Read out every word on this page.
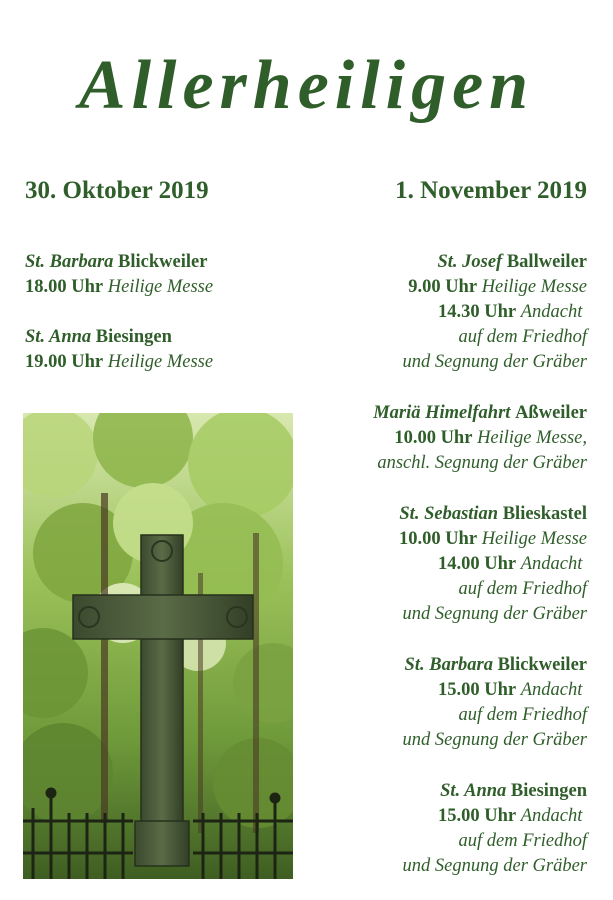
Allerheiligen
30. Oktober 2019	1. November 2019
St. Barbara Blickweiler
18.00 Uhr Heilige Messe
St. Anna Biesingen
19.00 Uhr Heilige Messe
St. Josef Ballweiler
9.00 Uhr Heilige Messe
14.30 Uhr Andacht
auf dem Friedhof
und Segnung der Gräber
Mariä Himelfahrt Aßweiler
10.00 Uhr Heilige Messe,
anschl. Segnung der Gräber
St. Sebastian Blieskastel
10.00 Uhr Heilige Messe
14.00 Uhr Andacht
auf dem Friedhof
und Segnung der Gräber
St. Barbara Blickweiler
15.00 Uhr Andacht
auf dem Friedhof
und Segnung der Gräber
St. Anna Biesingen
15.00 Uhr Andacht
auf dem Friedhof
und Segnung der Gräber
